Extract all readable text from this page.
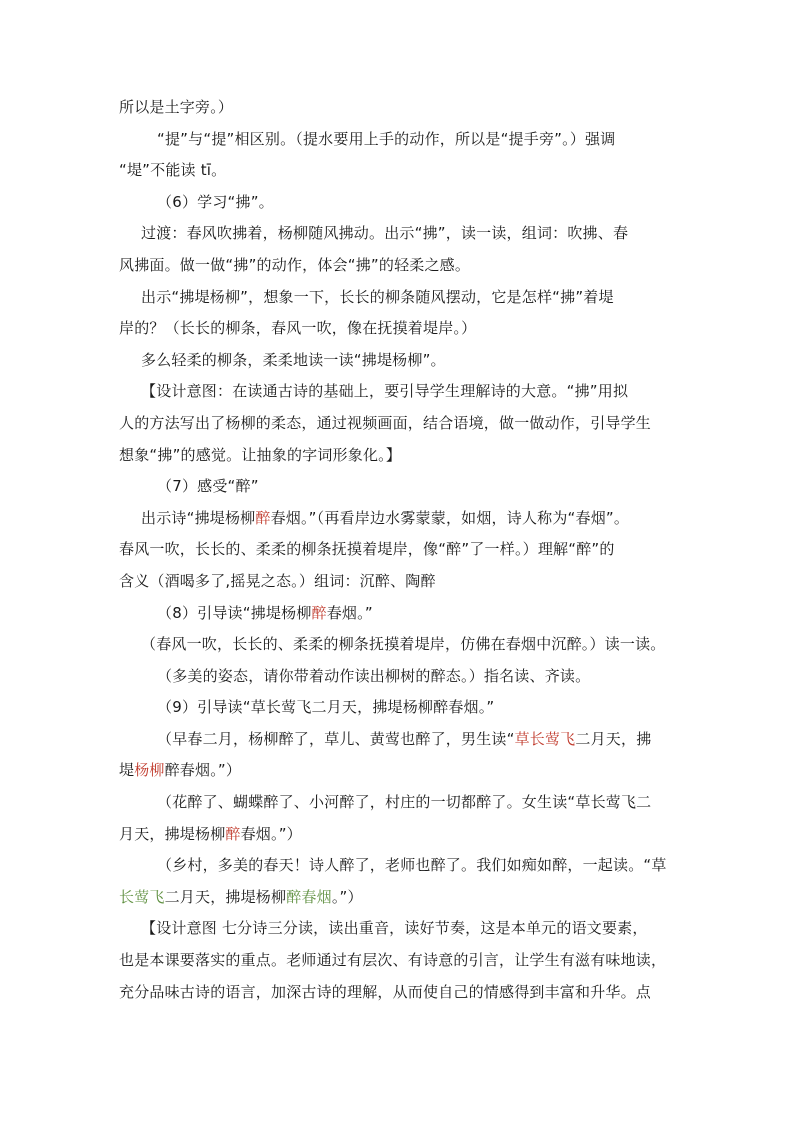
所以是土字旁。）
“提”与“提”相区别。（提水要用上手的动作，所以是“提手旁”。）强调
“堤”不能读 tī。
（6）学习“拂”。
过渡：春风吹拂着，杨柳随风拂动。出示“拂”，读一读，组词：吹拂、春
风拂面。做一做“拂”的动作，体会“拂”的轻柔之感。
出示“拂堤杨柳”，想象一下，长长的柳条随风摆动，它是怎样“拂”着堤
岸的？（长长的柳条，春风一吹，像在抚摸着堤岸。）
多么轻柔的柳条，柔柔地读一读“拂堤杨柳”。
【设计意图：在读通古诗的基础上，要引导学生理解诗的大意。“拂”用拟
人的方法写出了杨柳的柔态，通过视频画面，结合语境，做一做动作，引导学生
想象“拂”的感觉。让抽象的字词形象化。】
（7）感受“醉”
出示诗“拂堤杨柳醉春烟。”（再看岸边水雾蒙蒙，如烟，诗人称为“春烟”。
春风一吹，长长的、柔柔的柳条抚摸着堤岸，像“醉”了一样。）理解“醉”的
含义（酒喝多了,摇晃之态。）组词：沉醉、陶醉
（8）引导读“拂堤杨柳醉春烟。”
（春风一吹，长长的、柔柔的柳条抚摸着堤岸，仿佛在春烟中沉醉。）读一读。
（多美的姿态，请你带着动作读出柳树的醉态。）指名读、齐读。
（9）引导读“草长莺飞二月天，拂堤杨柳醉春烟。”
（早春二月，杨柳醉了，草儿、黄莺也醉了，男生读“草长莺飞二月天，拂
堤杨柳醉春烟。”）
（花醉了、蝴蝶醉了、小河醉了，村庄的一切都醉了。女生读“草长莺飞二
月天，拂堤杨柳醉春烟。”）
（乡村，多美的春天！诗人醉了，老师也醉了。我们如痴如醉，一起读。“草
长莺飞二月天，拂堤杨柳醉春烟。”）
【设计意图 七分诗三分读，读出重音，读好节奏，这是本单元的语文要素，
也是本课要落实的重点。老师通过有层次、有诗意的引言，让学生有滋有味地读，
充分品味古诗的语言，加深古诗的理解，从而使自己的情感得到丰富和升华。点
